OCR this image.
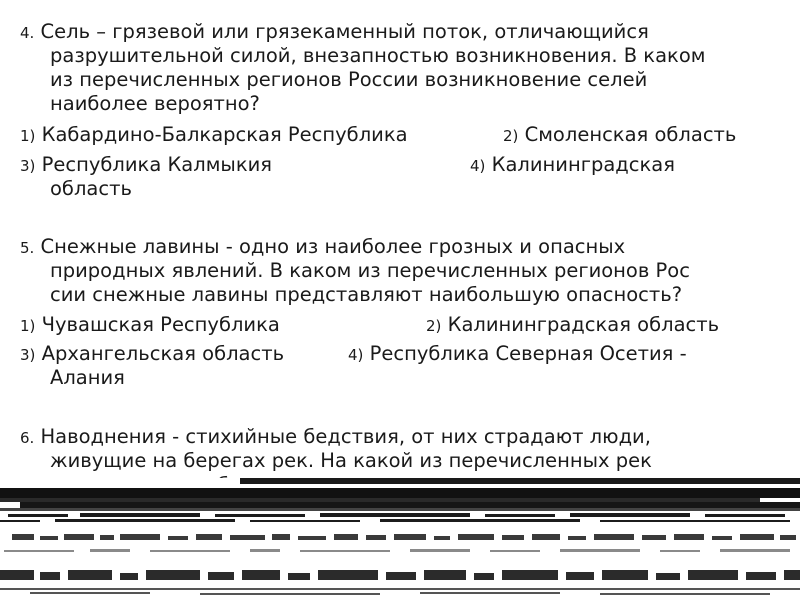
4. Сель – грязевой или грязекаменный поток, отличающийся
разрушительной силой, внезапностью возникновения. В каком
из перечисленных регионов России возникновение селей
наиболее вероятно?
1) Кабардино-Балкарская Республика	2) Смоленская область
3) Республика Калмыкия	4) Калининградская
область
5. Снежные лавины - одно из наиболее грозных и опасных
природных явлений. В каком из перечисленных регионов Рос
сии снежные лавины представляют наибольшую опасность?
1) Чувашская Республика	2) Калининградская область
3) Архангельская область	4) Республика Северная Осетия -
Алания
6. Наводнения - стихийные бедствия, от них страдают люди,
живущие на берегах рек. На какой из перечисленных рек
